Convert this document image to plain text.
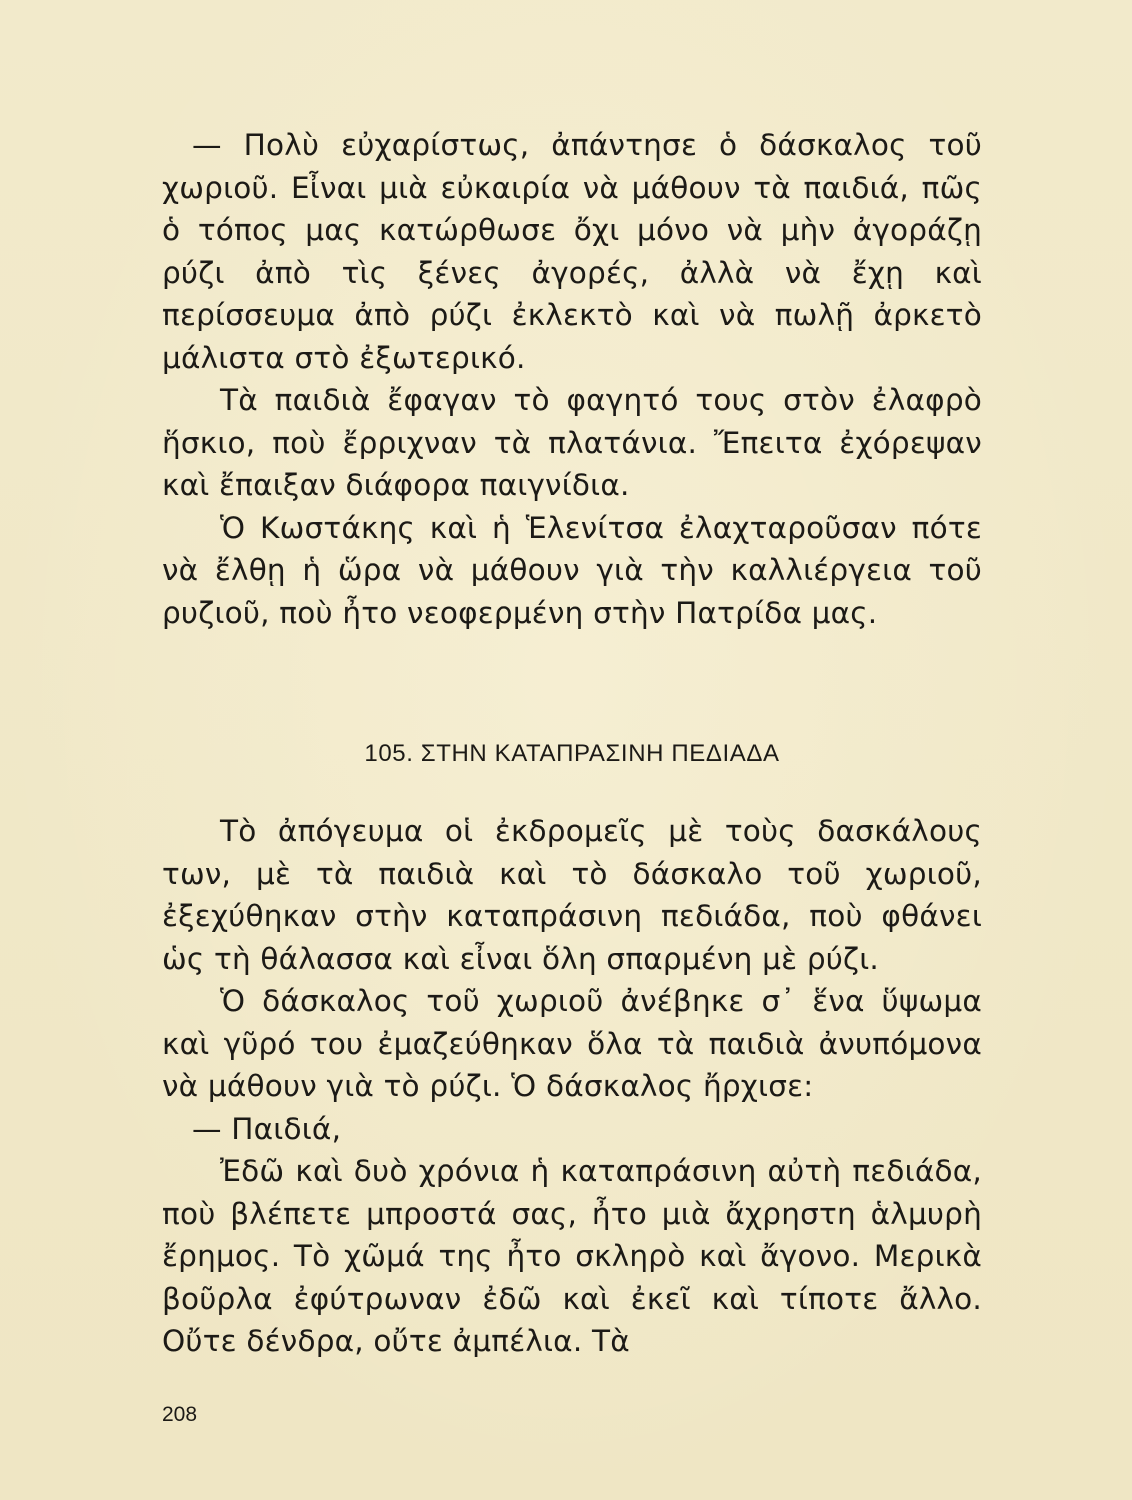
— Πολὺ εὐχαρίστως, ἀπάντησε ὁ δάσκαλος τοῦ χωριοῦ. Εἶναι μιὰ εὐκαιρία νὰ μάθουν τὰ παιδιά, πῶς ὁ τόπος μας κατώρθωσε ὄχι μόνο νὰ μὴν ἀγοράζῃ ρύζι ἀπὸ τὶς ξένες ἀγορές, ἀλλὰ νὰ ἔχῃ καὶ περίσσευμα ἀπὸ ρύζι ἐκλεκτὸ καὶ νὰ πωλῇ ἀρκετὸ μάλιστα στὸ ἐξωτερικό.

Τὰ παιδιὰ ἔφαγαν τὸ φαγητό τους στὸν ἐλαφρὸ ἥσκιο, ποὺ ἔρριχναν τὰ πλατάνια. Ἔπειτα ἐχόρεψαν καὶ ἔπαιξαν διάφορα παιγνίδια.

Ὁ Κωστάκης καὶ ἡ Ἑλενίτσα ἐλαχταροῦσαν πότε νὰ ἔλθῃ ἡ ὥρα νὰ μάθουν γιὰ τὴν καλλιέργεια τοῦ ρυζιοῦ, ποὺ ἦτο νεοφερμένη στὴν Πατρίδα μας.

105. ΣΤΗΝ ΚΑΤΑΠΡΑΣΙΝΗ ΠΕΔΙΑΔΑ

Τὸ ἀπόγευμα οἱ ἐκδρομεῖς μὲ τοὺς δασκάλους των, μὲ τὰ παιδιὰ καὶ τὸ δάσκαλο τοῦ χωριοῦ, ἐξεχύθηκαν στὴν καταπράσινη πεδιάδα, ποὺ φθάνει ὡς τὴ θάλασσα καὶ εἶναι ὅλη σπαρμένη μὲ ρύζι.

Ὁ δάσκαλος τοῦ χωριοῦ ἀνέβηκε σ᾽ ἕνα ὕψωμα καὶ γῦρό του ἐμαζεύθηκαν ὅλα τὰ παιδιὰ ἀνυπόμονα νὰ μάθουν γιὰ τὸ ρύζι. Ὁ δάσκαλος ἤρχισε:

— Παιδιά,

Ἐδῶ καὶ δυὸ χρόνια ἡ καταπράσινη αὐτὴ πεδιάδα, ποὺ βλέπετε μπροστά σας, ἦτο μιὰ ἄχρηστη ἁλμυρὴ ἔρημος. Τὸ χῶμά της ἦτο σκληρὸ καὶ ἄγονο. Μερικὰ βοῦρλα ἐφύτρωναν ἐδῶ καὶ ἐκεῖ καὶ τίποτε ἄλλο. Οὔτε δένδρα, οὔτε ἀμπέλια. Τὰ

208
